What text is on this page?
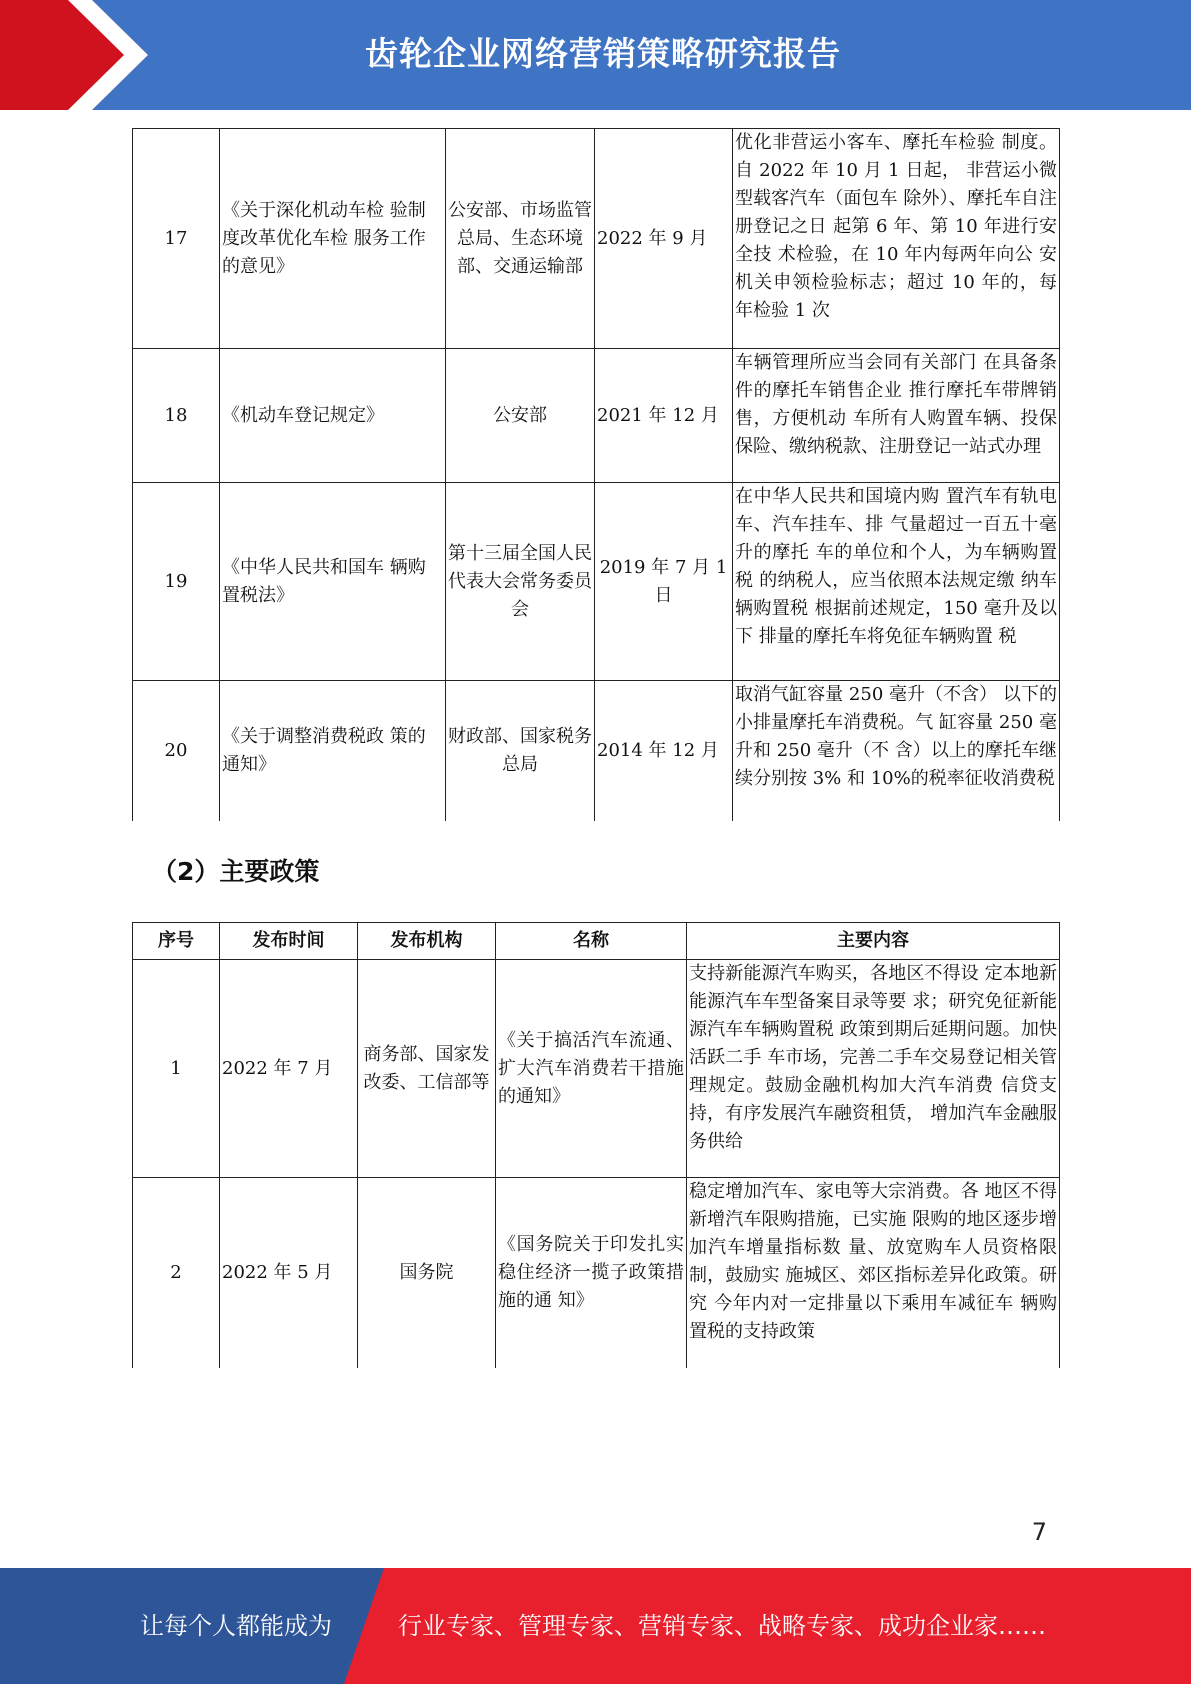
齿轮企业网络营销策略研究报告
17	《关于深化机动车检 验制度改革优化车检 服务工作的意见》	公安部、市场监管总局、生态环境部、交通运输部	2022 年 9 月	优化非营运小客车、摩托车检验 制度。自 2022 年 10 月 1 日起， 非营运小微型载客汽车（面包车 除外）、摩托车自注册登记之日 起第 6 年、第 10 年进行安全技 术检验，在 10 年内每两年向公 安机关申领检验标志；超过 10 年的，每年检验 1 次
18	《机动车登记规定》	公安部	2021 年 12 月	车辆管理所应当会同有关部门 在具备条件的摩托车销售企业 推行摩托车带牌销售，方便机动 车所有人购置车辆、投保保险、缴纳税款、注册登记一站式办理
19	《中华人民共和国车 辆购置税法》	第十三届全国人民代表大会常务委员会	2019 年 7 月 1 日	在中华人民共和国境内购 置汽车有轨电车、汽车挂车、排 气量超过一百五十毫升的摩托 车的单位和个人，为车辆购置税 的纳税人，应当依照本法规定缴 纳车辆购置税 根据前述规定，150 毫升及以下 排量的摩托车将免征车辆购置 税
20	《关于调整消费税政 策的通知》	财政部、国家税务总局	2014 年 12 月	取消气缸容量 250 毫升（不含） 以下的小排量摩托车消费税。气 缸容量 250 毫升和 250 毫升（不 含）以上的摩托车继续分别按 3% 和 10%的税率征收消费税
（2）主要政策
序号	发布时间	发布机构	名称	主要内容
1	2022 年 7 月	商务部、国家发改委、工信部等	《关于搞活汽车流通、扩大汽车消费若干措施的通知》	支持新能源汽车购买，各地区不得设 定本地新能源汽车车型备案目录等要 求；研究免征新能源汽车车辆购置税 政策到期后延期问题。加快活跃二手 车市场，完善二手车交易登记相关管 理规定。鼓励金融机构加大汽车消费 信贷支持，有序发展汽车融资租赁， 增加汽车金融服务供给
2	2022 年 5 月	国务院	《国务院关于印发扎实稳住经济一揽子政策措施的通 知》	稳定增加汽车、家电等大宗消费。各 地区不得新增汽车限购措施，已实施 限购的地区逐步增加汽车增量指标数 量、放宽购车人员资格限制，鼓励实 施城区、郊区指标差异化政策。研究 今年内对一定排量以下乘用车减征车 辆购置税的支持政策
7
让每个人都能成为	行业专家、管理专家、营销专家、战略专家、成功企业家……
